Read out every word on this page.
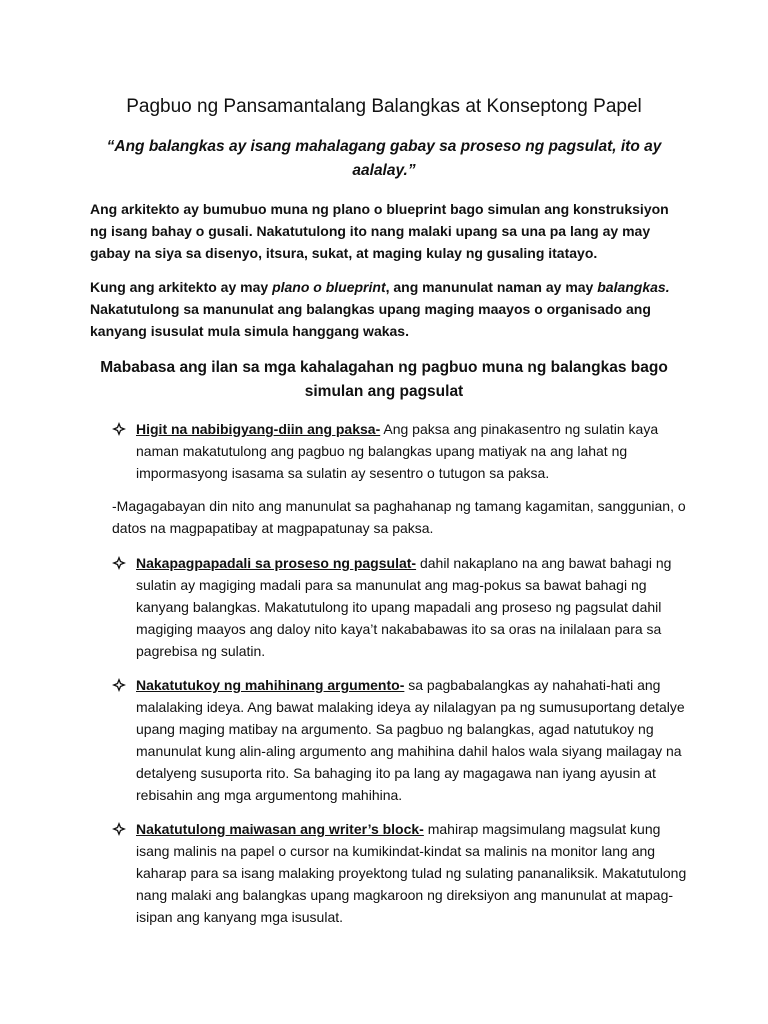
Pagbuo ng Pansamantalang Balangkas at Konseptong Papel

“Ang balangkas ay isang mahalagang gabay sa proseso ng pagsulat, ito ay aalalay.”

Ang arkitekto ay bumubuo muna ng plano o blueprint bago simulan ang konstruksiyon ng isang bahay o gusali. Nakatutulong ito nang malaki upang sa una pa lang ay may gabay na siya sa disenyo, itsura, sukat, at maging kulay ng gusaling itatayo.

Kung ang arkitekto ay may plano o blueprint, ang manunulat naman ay may balangkas. Nakatutulong sa manunulat ang balangkas upang maging maayos o organisado ang kanyang isusulat mula simula hanggang wakas.

Mababasa ang ilan sa mga kahalagahan ng pagbuo muna ng balangkas bago simulan ang pagsulat
Higit na nabibigyang-diin ang paksa- Ang paksa ang pinakasentro ng sulatin kaya naman makatutulong ang pagbuo ng balangkas upang matiyak na ang lahat ng impormasyong isasama sa sulatin ay sesentro o tutugon sa paksa.

-Magagabayan din nito ang manunulat sa paghahanap ng tamang kagamitan, sanggunian, o datos na magpapatibay at magpapatunay sa paksa.

Nakapagpapadali sa proseso ng pagsulat- dahil nakaplano na ang bawat bahagi ng sulatin ay magiging madali para sa manunulat ang mag-pokus sa bawat bahagi ng kanyang balangkas. Makatutulong ito upang mapadali ang proseso ng pagsulat dahil magiging maayos ang daloy nito kaya’t nakababawas ito sa oras na inilalaan para sa pagrebisa ng sulatin.
Nakatutukoy ng mahihinang argumento- sa pagbabalangkas ay nahahati-hati ang malalaking ideya. Ang bawat malaking ideya ay nilalagyan pa ng sumusuportang detalye upang maging matibay na argumento. Sa pagbuo ng balangkas, agad natutukoy ng manunulat kung alin-aling argumento ang mahihina dahil halos wala siyang mailagay na detalyeng susuporta rito. Sa bahaging ito pa lang ay magagawa nan iyang ayusin at rebisahin ang mga argumentong mahihina.
Nakatutulong maiwasan ang writer’s block- mahirap magsimulang magsulat kung isang malinis na papel o cursor na kumikindat-kindat sa malinis na monitor lang ang kaharap para sa isang malaking proyektong tulad ng sulating pananaliksik. Makatutulong nang malaki ang balangkas upang magkaroon ng direksiyon ang manunulat at mapag-isipan ang kanyang mga isusulat.
